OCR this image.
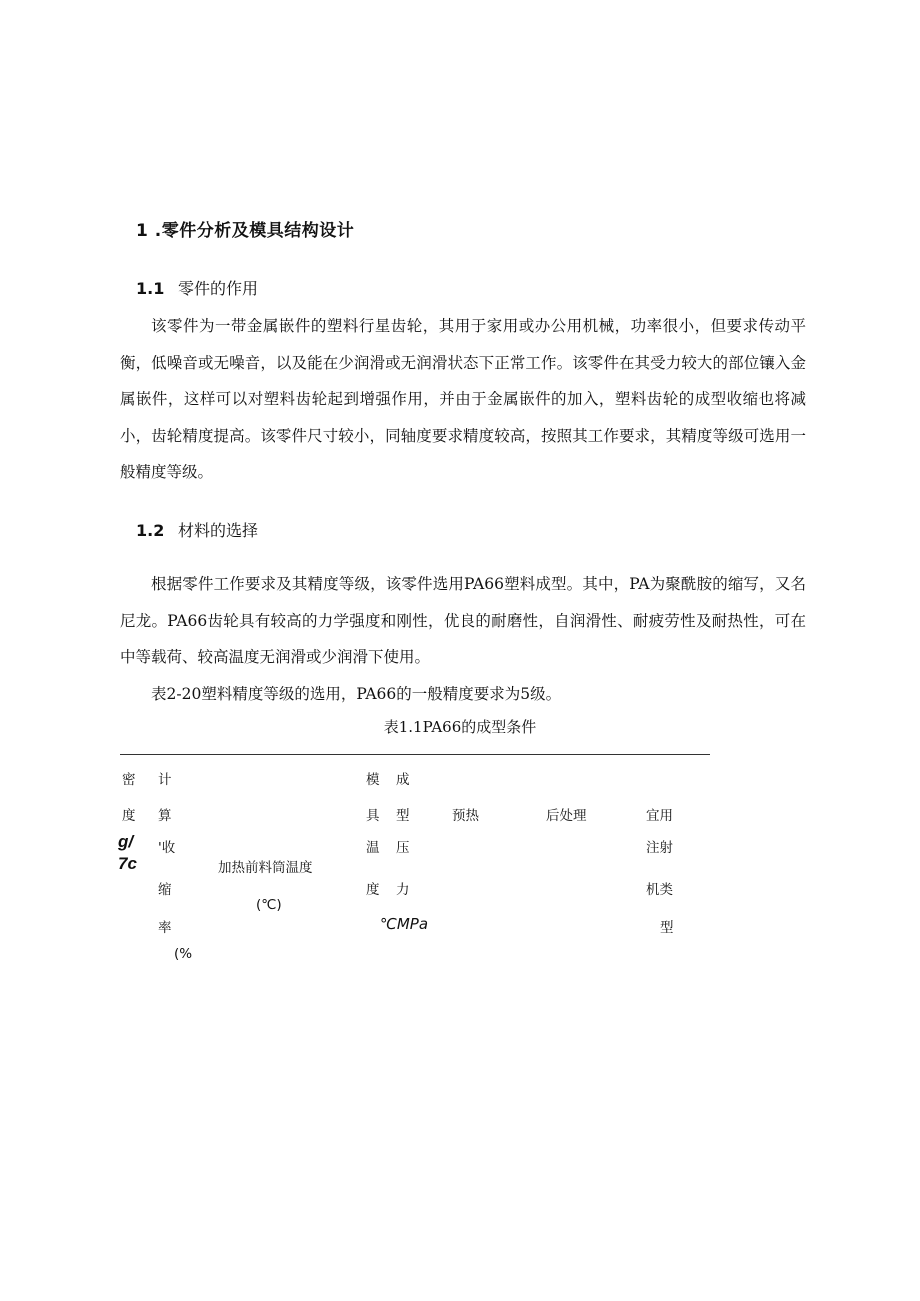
1 .零件分析及模具结构设计
1.1 零件的作用

该零件为一带金属嵌件的塑料行星齿轮，其用于家用或办公用机械，功率很小，但要求传动平衡，低噪音或无噪音，以及能在少润滑或无润滑状态下正常工作。该零件在其受力较大的部位镶入金属嵌件，这样可以对塑料齿轮起到增强作用，并由于金属嵌件的加入，塑料齿轮的成型收缩也将减小，齿轮精度提高。该零件尺寸较小，同轴度要求精度较高，按照其工作要求，其精度等级可选用一般精度等级。

1.2 材料的选择

根据零件工作要求及其精度等级，该零件选用PA66塑料成型。其中，PA为聚酰胺的缩写，又名尼龙。PA66齿轮具有较高的力学强度和刚性，优良的耐磨性，自润滑性、耐疲劳性及耐热性，可在中等载荷、较高温度无润滑或少润滑下使用。

表2-20塑料精度等级的选用，PA66的一般精度要求为5级。

表1.1PA66的成型条件
密
度
g/
7c
计
算
'收
缩
率
(%
加热前料筒温度
(℃)
模
具
温
度
成
型
压
力
℃MPa
预热	后处理	宜用
注射
机类
型
